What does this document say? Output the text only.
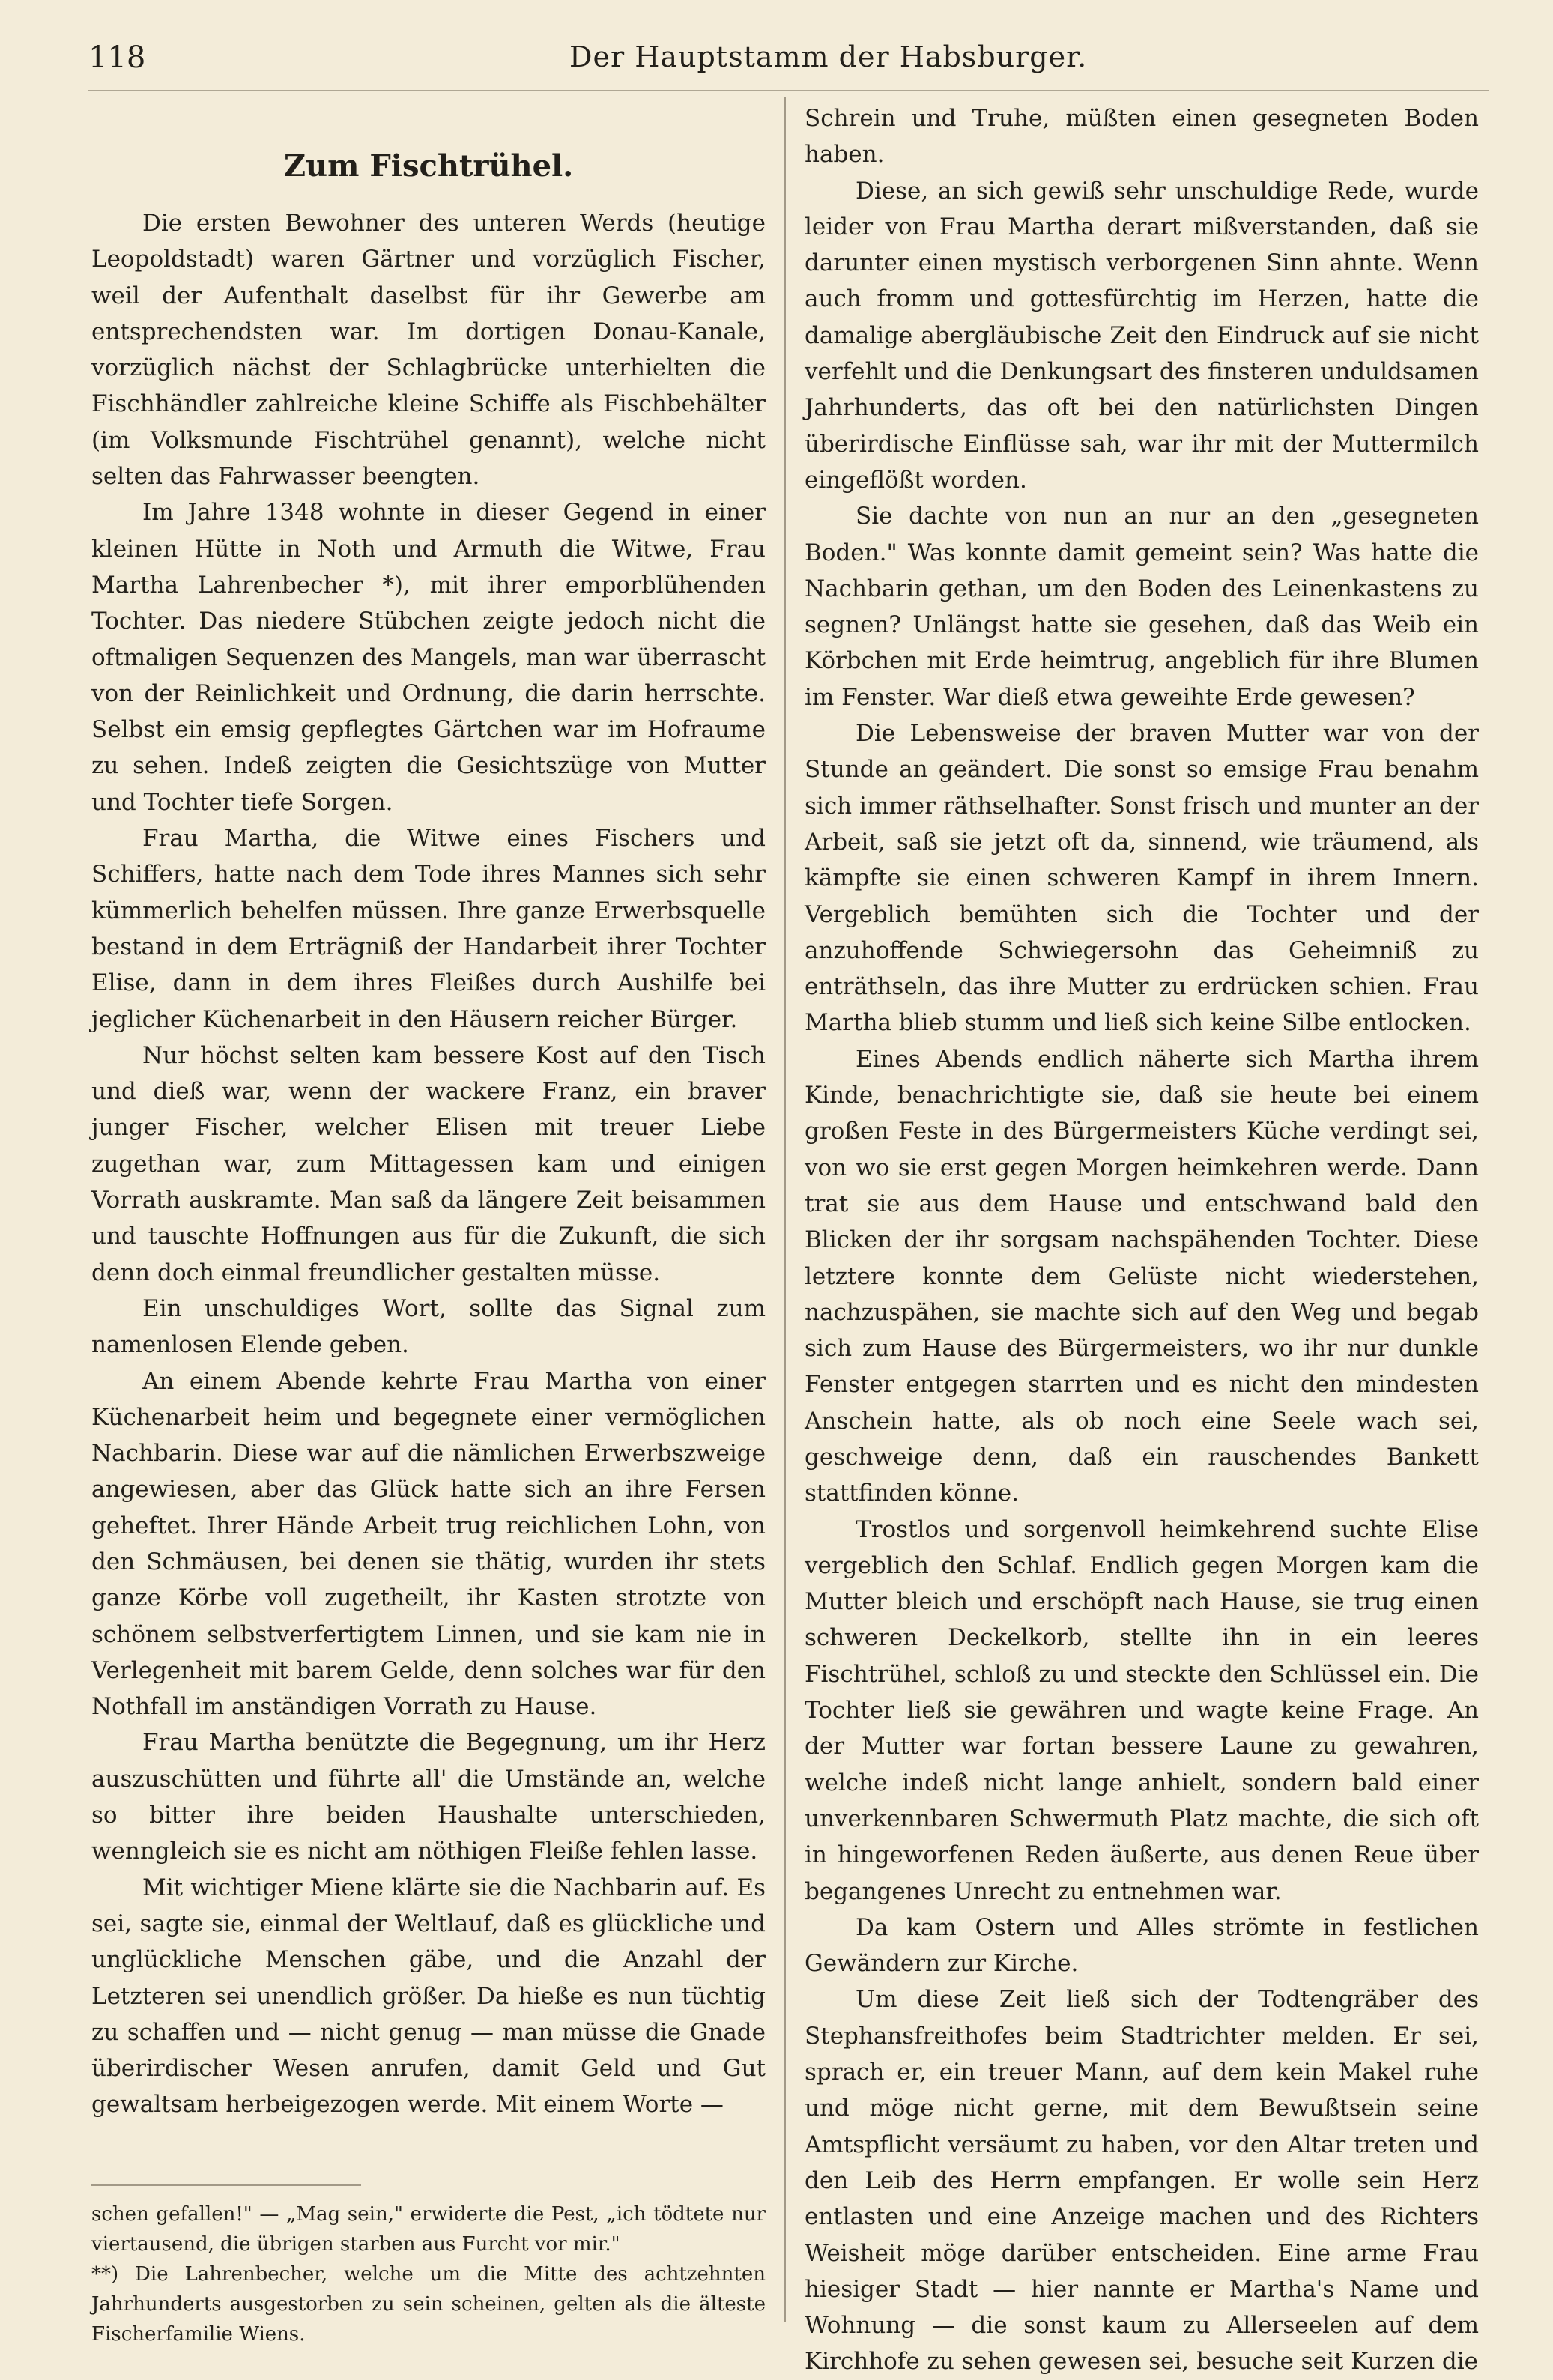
118	Der Hauptstamm der Habsburger.
Zum Fischtrühel.

Die ersten Bewohner des unteren Werds (heutige Leopoldstadt) waren Gärtner und vorzüglich Fischer, weil der Aufenthalt daselbst für ihr Gewerbe am entsprechendsten war. Im dortigen Donau-Kanale, vorzüglich nächst der Schlagbrücke unterhielten die Fischhändler zahlreiche kleine Schiffe als Fischbehälter (im Volksmunde Fischtrühel genannt), welche nicht selten das Fahrwasser beengten.

Im Jahre 1348 wohnte in dieser Gegend in einer kleinen Hütte in Noth und Armuth die Witwe, Frau Martha Lahrenbecher *), mit ihrer emporblühenden Tochter. Das niedere Stübchen zeigte jedoch nicht die oftmaligen Sequenzen des Mangels, man war überrascht von der Reinlichkeit und Ordnung, die darin herrschte. Selbst ein emsig gepflegtes Gärtchen war im Hofraume zu sehen. Indeß zeigten die Gesichtszüge von Mutter und Tochter tiefe Sorgen.

Frau Martha, die Witwe eines Fischers und Schiffers, hatte nach dem Tode ihres Mannes sich sehr kümmerlich behelfen müssen. Ihre ganze Erwerbsquelle bestand in dem Erträgniß der Handarbeit ihrer Tochter Elise, dann in dem ihres Fleißes durch Aushilfe bei jeglicher Küchenarbeit in den Häusern reicher Bürger.

Nur höchst selten kam bessere Kost auf den Tisch und dieß war, wenn der wackere Franz, ein braver junger Fischer, welcher Elisen mit treuer Liebe zugethan war, zum Mittagessen kam und einigen Vorrath auskramte. Man saß da längere Zeit beisammen und tauschte Hoffnungen aus für die Zukunft, die sich denn doch einmal freundlicher gestalten müsse.

Ein unschuldiges Wort, sollte das Signal zum namenlosen Elende geben.

An einem Abende kehrte Frau Martha von einer Küchenarbeit heim und begegnete einer vermöglichen Nachbarin. Diese war auf die nämlichen Erwerbszweige angewiesen, aber das Glück hatte sich an ihre Fersen geheftet. Ihrer Hände Arbeit trug reichlichen Lohn, von den Schmäusen, bei denen sie thätig, wurden ihr stets ganze Körbe voll zugetheilt, ihr Kasten strotzte von schönem selbstverfertigtem Linnen, und sie kam nie in Verlegenheit mit barem Gelde, denn solches war für den Nothfall im anständigen Vorrath zu Hause.

Frau Martha benützte die Begegnung, um ihr Herz auszuschütten und führte all' die Umstände an, welche so bitter ihre beiden Haushalte unterschieden, wenngleich sie es nicht am nöthigen Fleiße fehlen lasse.

Mit wichtiger Miene klärte sie die Nachbarin auf. Es sei, sagte sie, einmal der Weltlauf, daß es glückliche und unglückliche Menschen gäbe, und die Anzahl der Letzteren sei unendlich größer. Da hieße es nun tüchtig zu schaffen und — nicht genug — man müsse die Gnade überirdischer Wesen anrufen, damit Geld und Gut gewaltsam herbeigezogen werde. Mit einem Worte —

schen gefallen!" — „Mag sein," erwiderte die Pest, „ich tödtete nur viertausend, die übrigen starben aus Furcht vor mir."

**) Die Lahrenbecher, welche um die Mitte des achtzehnten Jahrhunderts ausgestorben zu sein scheinen, gelten als die älteste Fischerfamilie Wiens.

Schrein und Truhe, müßten einen gesegneten Boden haben.

Diese, an sich gewiß sehr unschuldige Rede, wurde leider von Frau Martha derart mißverstanden, daß sie darunter einen mystisch verborgenen Sinn ahnte. Wenn auch fromm und gottesfürchtig im Herzen, hatte die damalige abergläubische Zeit den Eindruck auf sie nicht verfehlt und die Denkungsart des finsteren unduldsamen Jahrhunderts, das oft bei den natürlichsten Dingen überirdische Einflüsse sah, war ihr mit der Muttermilch eingeflößt worden.

Sie dachte von nun an nur an den „gesegneten Boden." Was konnte damit gemeint sein? Was hatte die Nachbarin gethan, um den Boden des Leinenkastens zu segnen? Unlängst hatte sie gesehen, daß das Weib ein Körbchen mit Erde heimtrug, angeblich für ihre Blumen im Fenster. War dieß etwa geweihte Erde gewesen?

Die Lebensweise der braven Mutter war von der Stunde an geändert. Die sonst so emsige Frau benahm sich immer räthselhafter. Sonst frisch und munter an der Arbeit, saß sie jetzt oft da, sinnend, wie träumend, als kämpfte sie einen schweren Kampf in ihrem Innern. Vergeblich bemühten sich die Tochter und der anzuhoffende Schwiegersohn das Geheimniß zu enträthseln, das ihre Mutter zu erdrücken schien. Frau Martha blieb stumm und ließ sich keine Silbe entlocken.

Eines Abends endlich näherte sich Martha ihrem Kinde, benachrichtigte sie, daß sie heute bei einem großen Feste in des Bürgermeisters Küche verdingt sei, von wo sie erst gegen Morgen heimkehren werde. Dann trat sie aus dem Hause und entschwand bald den Blicken der ihr sorgsam nachspähenden Tochter. Diese letztere konnte dem Gelüste nicht wiederstehen, nachzuspähen, sie machte sich auf den Weg und begab sich zum Hause des Bürgermeisters, wo ihr nur dunkle Fenster entgegen starrten und es nicht den mindesten Anschein hatte, als ob noch eine Seele wach sei, geschweige denn, daß ein rauschendes Bankett stattfinden könne.

Trostlos und sorgenvoll heimkehrend suchte Elise vergeblich den Schlaf. Endlich gegen Morgen kam die Mutter bleich und erschöpft nach Hause, sie trug einen schweren Deckelkorb, stellte ihn in ein leeres Fischtrühel, schloß zu und steckte den Schlüssel ein. Die Tochter ließ sie gewähren und wagte keine Frage. An der Mutter war fortan bessere Laune zu gewahren, welche indeß nicht lange anhielt, sondern bald einer unverkennbaren Schwermuth Platz machte, die sich oft in hingeworfenen Reden äußerte, aus denen Reue über begangenes Unrecht zu entnehmen war.

Da kam Ostern und Alles strömte in festlichen Gewändern zur Kirche.

Um diese Zeit ließ sich der Todtengräber des Stephansfreithofes beim Stadtrichter melden. Er sei, sprach er, ein treuer Mann, auf dem kein Makel ruhe und möge nicht gerne, mit dem Bewußtsein seine Amtspflicht versäumt zu haben, vor den Altar treten und den Leib des Herrn empfangen. Er wolle sein Herz entlasten und eine Anzeige machen und des Richters Weisheit möge darüber entscheiden. Eine arme Frau hiesiger Stadt — hier nannte er Martha's Name und Wohnung — die sonst kaum zu Allerseelen auf dem Kirchhofe zu sehen gewesen sei, besuche seit Kurzen die
